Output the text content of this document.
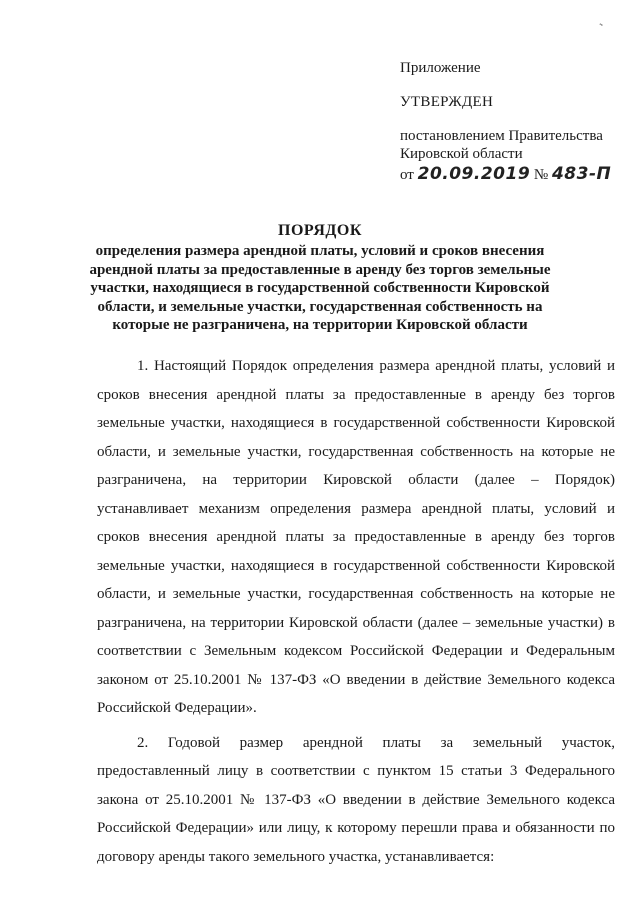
˜
Приложение
УТВЕРЖДЕН
постановлением Правительства
Кировской области
от 20.09.2019 № 483-П
ПОРЯДОК
определения размера арендной платы, условий и сроков внесения арендной платы за предоставленные в аренду без торгов земельные участки, находящиеся в государственной собственности Кировской области, и земельные участки, государственная собственность на которые не разграничена, на территории Кировской области

1. Настоящий Порядок определения размера арендной платы, условий и сроков внесения арендной платы за предоставленные в аренду без торгов земельные участки, находящиеся в государственной собственности Кировской области, и земельные участки, государственная собственность на которые не разграничена, на территории Кировской области (далее – Порядок) устанавливает механизм определения размера арендной платы, условий и сроков внесения арендной платы за предоставленные в аренду без торгов земельные участки, находящиеся в государственной собственности Кировской области, и земельные участки, государственная собственность на которые не разграничена, на территории Кировской области (далее – земельные участки) в соответствии с Земельным кодексом Российской Федерации и Федеральным законом от 25.10.2001 № 137-ФЗ «О введении в действие Земельного кодекса Российской Федерации».

2. Годовой размер арендной платы за земельный участок, предоставленный лицу в соответствии с пунктом 15 статьи 3 Федерального закона от 25.10.2001 № 137-ФЗ «О введении в действие Земельного кодекса Российской Федерации» или лицу, к которому перешли права и обязанности по договору аренды такого земельного участка, устанавливается:
